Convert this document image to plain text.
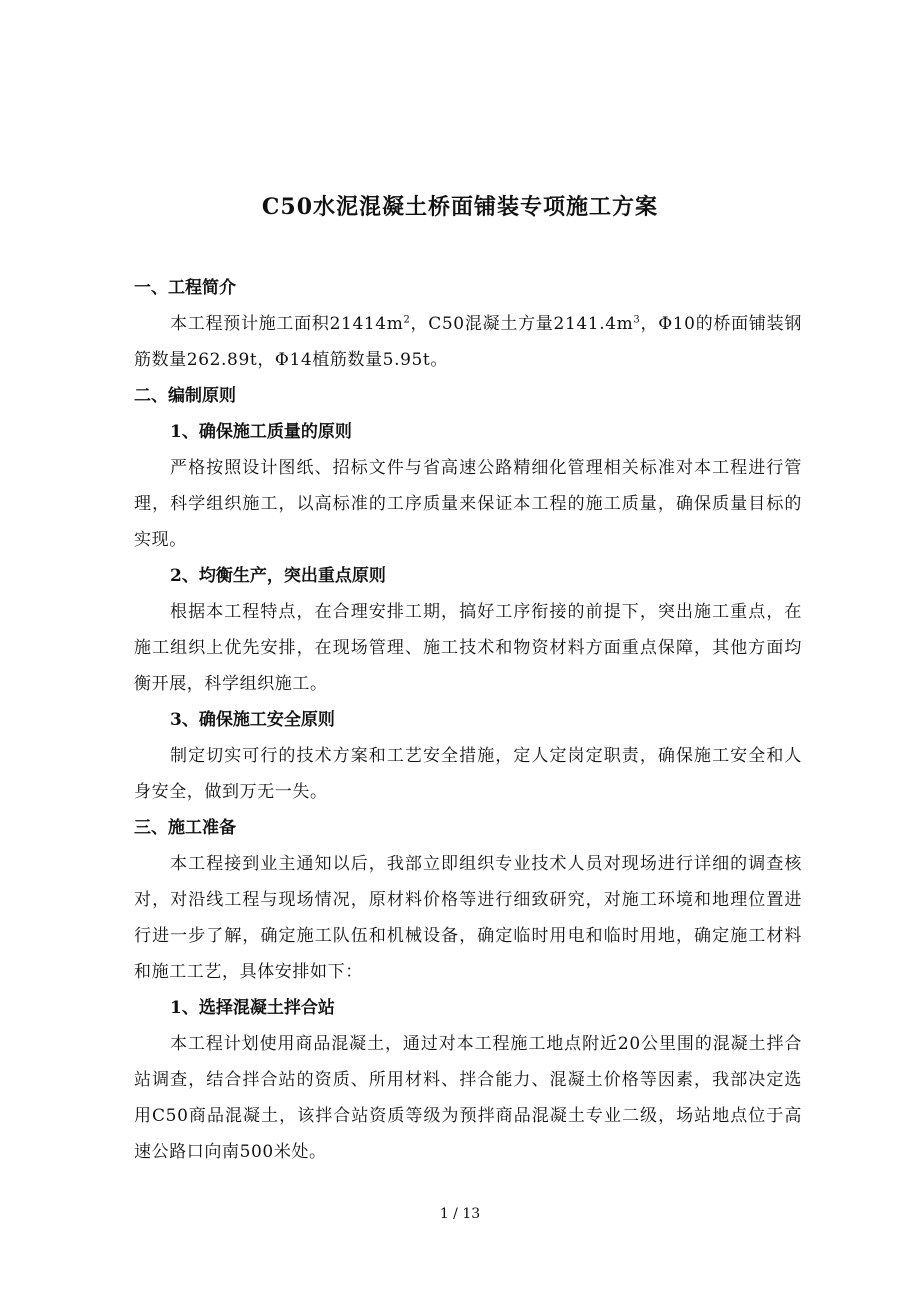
C50水泥混凝土桥面铺装专项施工方案
一、工程简介
本工程预计施工面积$21414m^2$，C50混凝土方量$2141.4m^3$，Φ10的桥面铺装钢筋数量262.89t，Φ14植筋数量5.95t。
二、编制原则
1、确保施工质量的原则
严格按照设计图纸、招标文件与省高速公路精细化管理相关标准对本工程进行管理，科学组织施工，以高标准的工序质量来保证本工程的施工质量，确保质量目标的实现。
2、均衡生产，突出重点原则
根据本工程特点，在合理安排工期，搞好工序衔接的前提下，突出施工重点，在施工组织上优先安排，在现场管理、施工技术和物资材料方面重点保障，其他方面均衡开展，科学组织施工。
3、确保施工安全原则
制定切实可行的技术方案和工艺安全措施，定人定岗定职责，确保施工安全和人身安全，做到万无一失。
三、施工准备
本工程接到业主通知以后，我部立即组织专业技术人员对现场进行详细的调查核对，对沿线工程与现场情况，原材料价格等进行细致研究，对施工环境和地理位置进行进一步了解，确定施工队伍和机械设备，确定临时用电和临时用地，确定施工材料和施工工艺，具体安排如下：
1、选择混凝土拌合站
本工程计划使用商品混凝土，通过对本工程施工地点附近20公里围的混凝土拌合站调查，结合拌合站的资质、所用材料、拌合能力、混凝土价格等因素，我部决定选用C50商品混凝土，该拌合站资质等级为预拌商品混凝土专业二级，场站地点位于高速公路口向南500米处。
1 / 13
